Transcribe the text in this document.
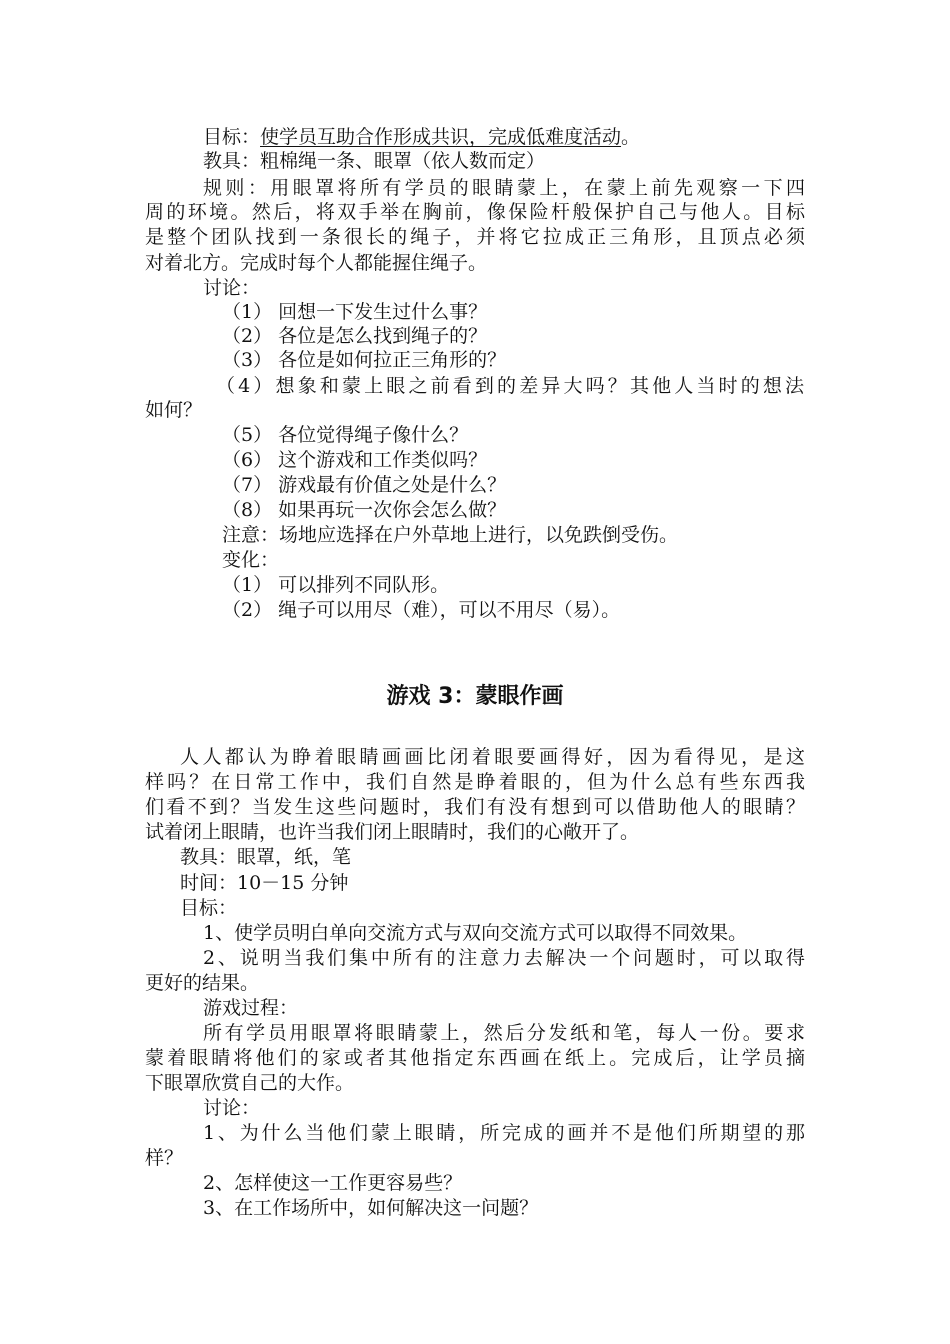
目标：使学员互助合作形成共识，完成低难度活动。
教具：粗棉绳一条、眼罩（依人数而定）
规则：用眼罩将所有学员的眼睛蒙上，在蒙上前先观察一下四
周的环境。然后，将双手举在胸前，像保险杆般保护自己与他人。目标
是整个团队找到一条很长的绳子，并将它拉成正三角形，且顶点必须
对着北方。完成时每个人都能握住绳子。
讨论：
（1） 回想一下发生过什么事？
（2） 各位是怎么找到绳子的？
（3） 各位是如何拉正三角形的？
（4）想象和蒙上眼之前看到的差异大吗？其他人当时的想法
如何？
（5） 各位觉得绳子像什么？
（6） 这个游戏和工作类似吗？
（7） 游戏最有价值之处是什么？
（8） 如果再玩一次你会怎么做？
注意：场地应选择在户外草地上进行，以免跌倒受伤。
变化：
（1） 可以排列不同队形。
（2） 绳子可以用尽（难），可以不用尽（易）。
游戏 3：蒙眼作画
人人都认为睁着眼睛画画比闭着眼要画得好，因为看得见，是这
样吗？在日常工作中，我们自然是睁着眼的，但为什么总有些东西我
们看不到？当发生这些问题时，我们有没有想到可以借助他人的眼睛？
试着闭上眼睛，也许当我们闭上眼睛时，我们的心敞开了。
教具：眼罩，纸，笔
时间：10－15 分钟
目标：
1、使学员明白单向交流方式与双向交流方式可以取得不同效果。
2、说明当我们集中所有的注意力去解决一个问题时，可以取得
更好的结果。
游戏过程：
所有学员用眼罩将眼睛蒙上，然后分发纸和笔，每人一份。要求
蒙着眼睛将他们的家或者其他指定东西画在纸上。完成后，让学员摘
下眼罩欣赏自己的大作。
讨论：
1、为什么当他们蒙上眼睛，所完成的画并不是他们所期望的那
样？
2、怎样使这一工作更容易些？
3、在工作场所中，如何解决这一问题？
